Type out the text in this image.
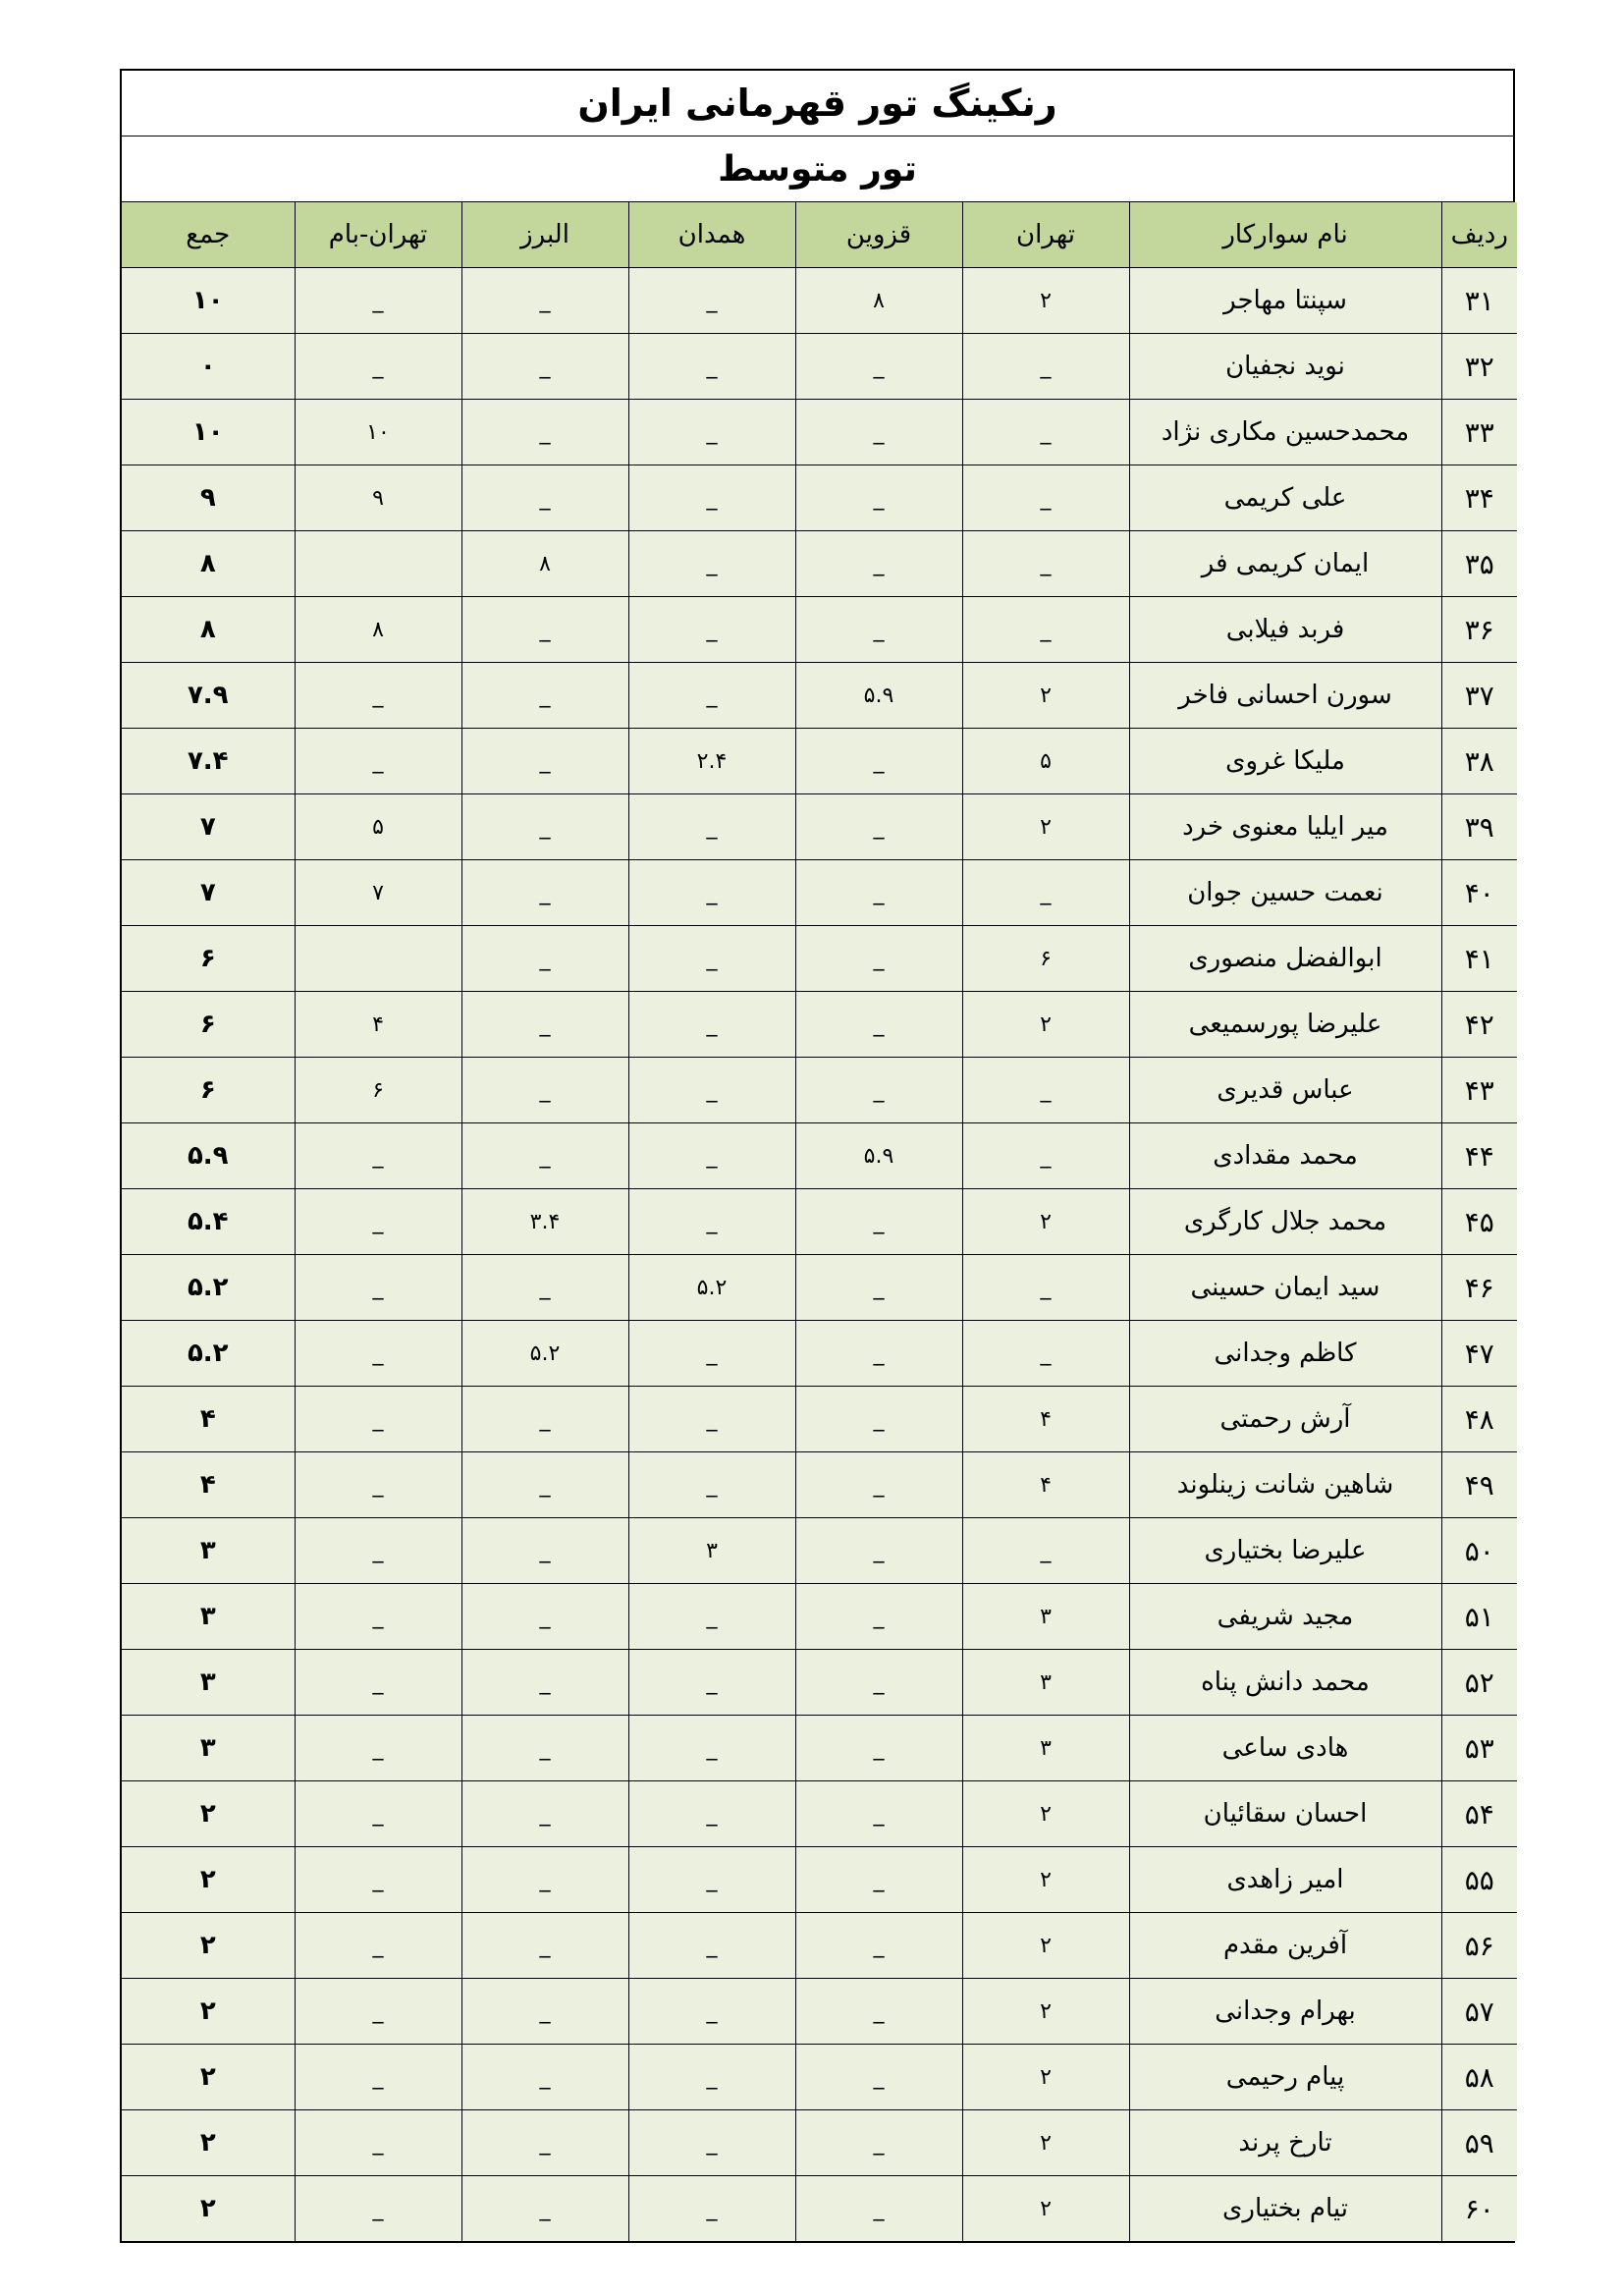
رنکینگ تور قهرمانی ایران
تور متوسط
ردیف	نام سوارکار	تهران	قزوین	همدان	البرز	تهران-بام	جمع
۳۱	سپنتا مهاجر	۲	۸	_	_	_	۱۰
۳۲	نوید نجفیان	_	_	_	_	_	۰
۳۳	محمدحسین مکاری نژاد	_	_	_	_	۱۰	۱۰
۳۴	علی کریمی	_	_	_	_	۹	۹
۳۵	ایمان کریمی فر	_	_	_	۸		۸
۳۶	فربد فیلابی	_	_	_	_	۸	۸
۳۷	سورن احسانی فاخر	۲	۵.۹	_	_	_	۷.۹
۳۸	ملیکا غروی	۵	_	۲.۴	_	_	۷.۴
۳۹	میر ایلیا معنوی خرد	۲	_	_	_	۵	۷
۴۰	نعمت حسین جوان	_	_	_	_	۷	۷
۴۱	ابوالفضل منصوری	۶	_	_	_		۶
۴۲	علیرضا پورسمیعی	۲	_	_	_	۴	۶
۴۳	عباس قدیری	_	_	_	_	۶	۶
۴۴	محمد مقدادی	_	۵.۹	_	_	_	۵.۹
۴۵	محمد جلال کارگری	۲	_	_	۳.۴	_	۵.۴
۴۶	سید ایمان حسینی	_	_	۵.۲	_	_	۵.۲
۴۷	کاظم وجدانی	_	_	_	۵.۲	_	۵.۲
۴۸	آرش رحمتی	۴	_	_	_	_	۴
۴۹	شاهین شانت زینلوند	۴	_	_	_	_	۴
۵۰	علیرضا بختیاری	_	_	۳	_	_	۳
۵۱	مجید شریفی	۳	_	_	_	_	۳
۵۲	محمد دانش پناه	۳	_	_	_	_	۳
۵۳	هادی ساعی	۳	_	_	_	_	۳
۵۴	احسان سقائیان	۲	_	_	_	_	۲
۵۵	امیر زاهدی	۲	_	_	_	_	۲
۵۶	آفرین مقدم	۲	_	_	_	_	۲
۵۷	بهرام وجدانی	۲	_	_	_	_	۲
۵۸	پیام رحیمی	۲	_	_	_	_	۲
۵۹	تارخ پرند	۲	_	_	_	_	۲
۶۰	تیام بختیاری	۲	_	_	_	_	۲
